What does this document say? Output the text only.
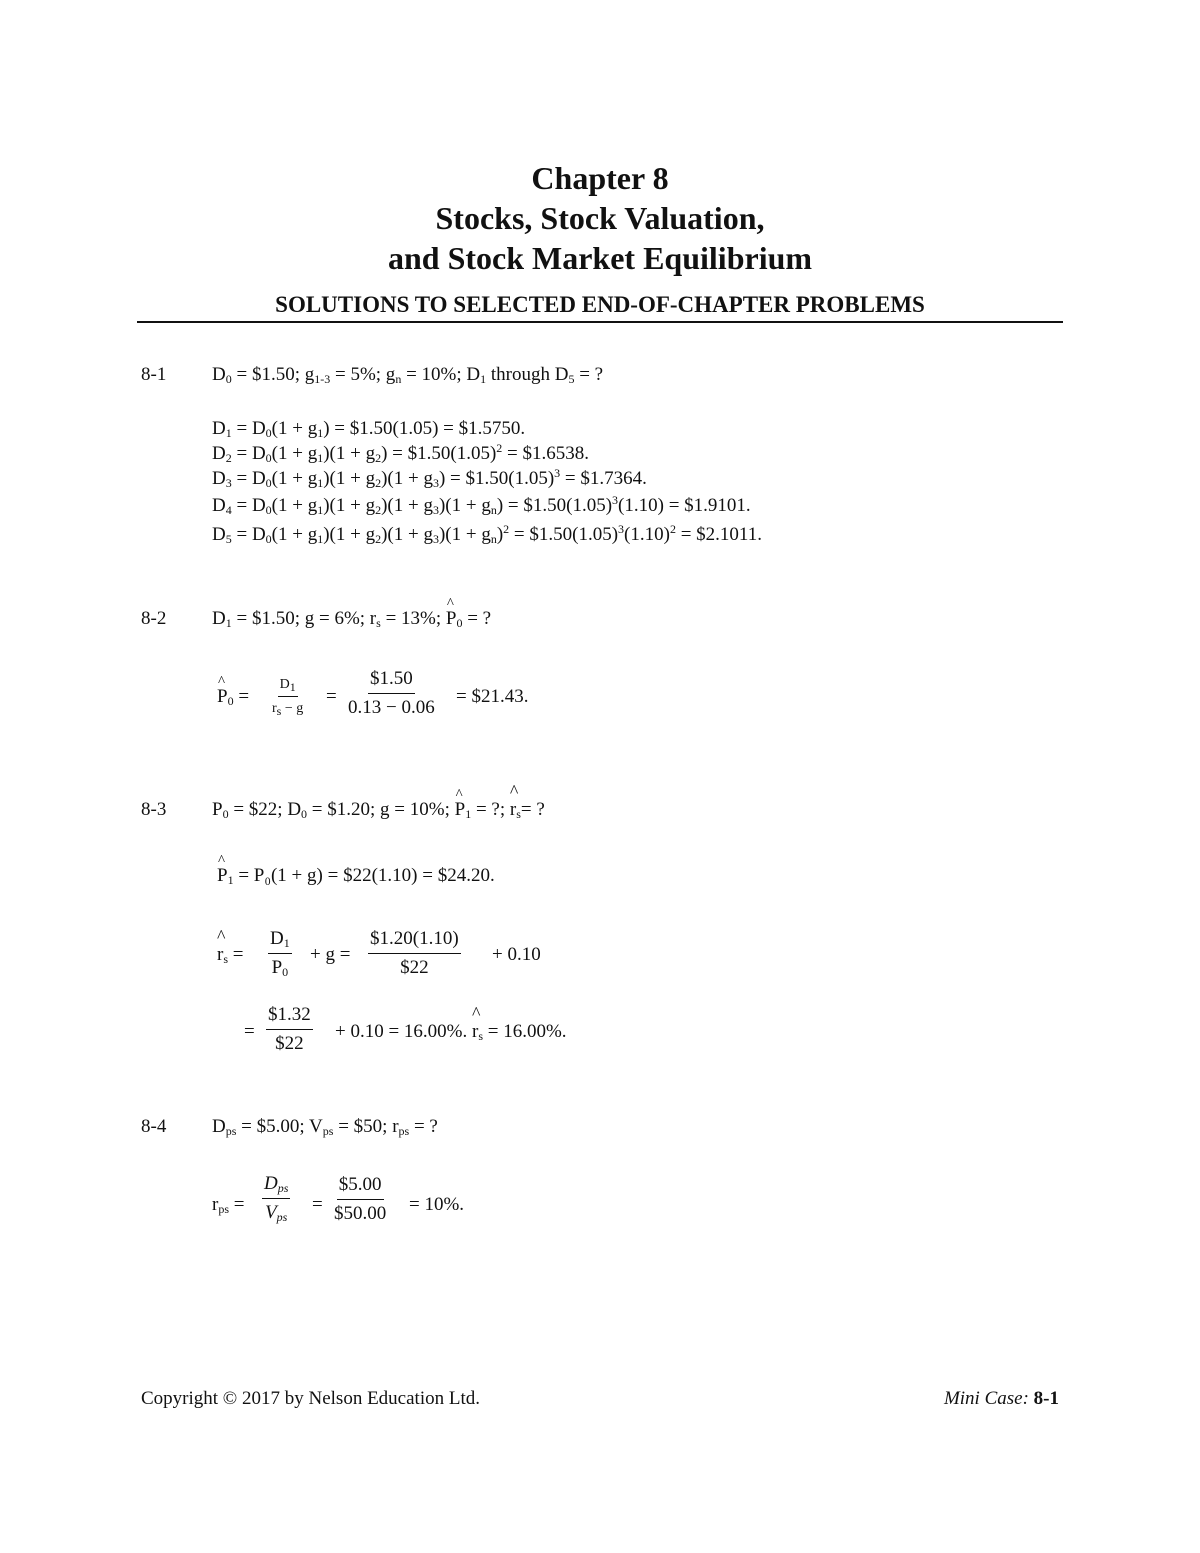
Chapter 8
Stocks, Stock Valuation,
and Stock Market Equilibrium
SOLUTIONS TO SELECTED END-OF-CHAPTER PROBLEMS
8-1 $D_0$ = $1.50; $g_{1-3} = 5\%$; $g_n = 10\%$; $D_1$ through $D_5$ = ?
$D_1 = D_0(1 + g_1)$ = $1.50(1.05) = $1.5750.
$D_2 = D_0(1 + g_1)(1 + g_2)$ = $\$1.50(1.05)^2$ = $1.6538.
$D_3 = D_0(1 + g_1)(1 + g_2)(1 + g_3)$ = $\$1.50(1.05)^3$ = $1.7364.
$D_4 = D_0(1 + g_1)(1 + g_2)(1 + g_3)(1 + g_n)$ = $\$1.50(1.05)^3(1.10)$ = $1.9101.
$D_5 = D_0(1 + g_1)(1 + g_2)(1 + g_3)(1 + g_n)^2$ = $\$1.50(1.05)^3(1.10)^2$ = $2.1011.
8-2 $D_1$ = $1.50; g = 6%; $r_s = 13\%$; ^ $P_0$ = ?
^ $P_0 = \frac{D_1}{r_s - g} = \frac{\$1.50}{0.13 - 0.06}$ = $21.43.
8-3 $P_0$ = $22; $D_0$ = $1.20; g = 10%; ^ $P_1$ = ?; ^ $r_s=$ ?
^ $P_1 = P_0(1 + g)$ = $22(1.10) = $24.20.
^ $r_s = \frac{D_1}{P_0} + g = \frac{\$1.20(1.10)}{\$22} + 0.10$
= $\frac{\$1.32}{\$22} + 0.10 = 16.00\%$. ^ $r_s = 16.00\%$.
8-4 $D_{ps}$ = $5.00; $V_{ps}$ = $50; $r_{ps}$ = ?
$r_{ps}$ =
$D_{ps}$
$V_{ps}$
= $\frac{\$5.00}{\$50.00} = 10\%$.
Copyright © 2017 by Nelson Education Ltd.	Mini Case: 8-1
